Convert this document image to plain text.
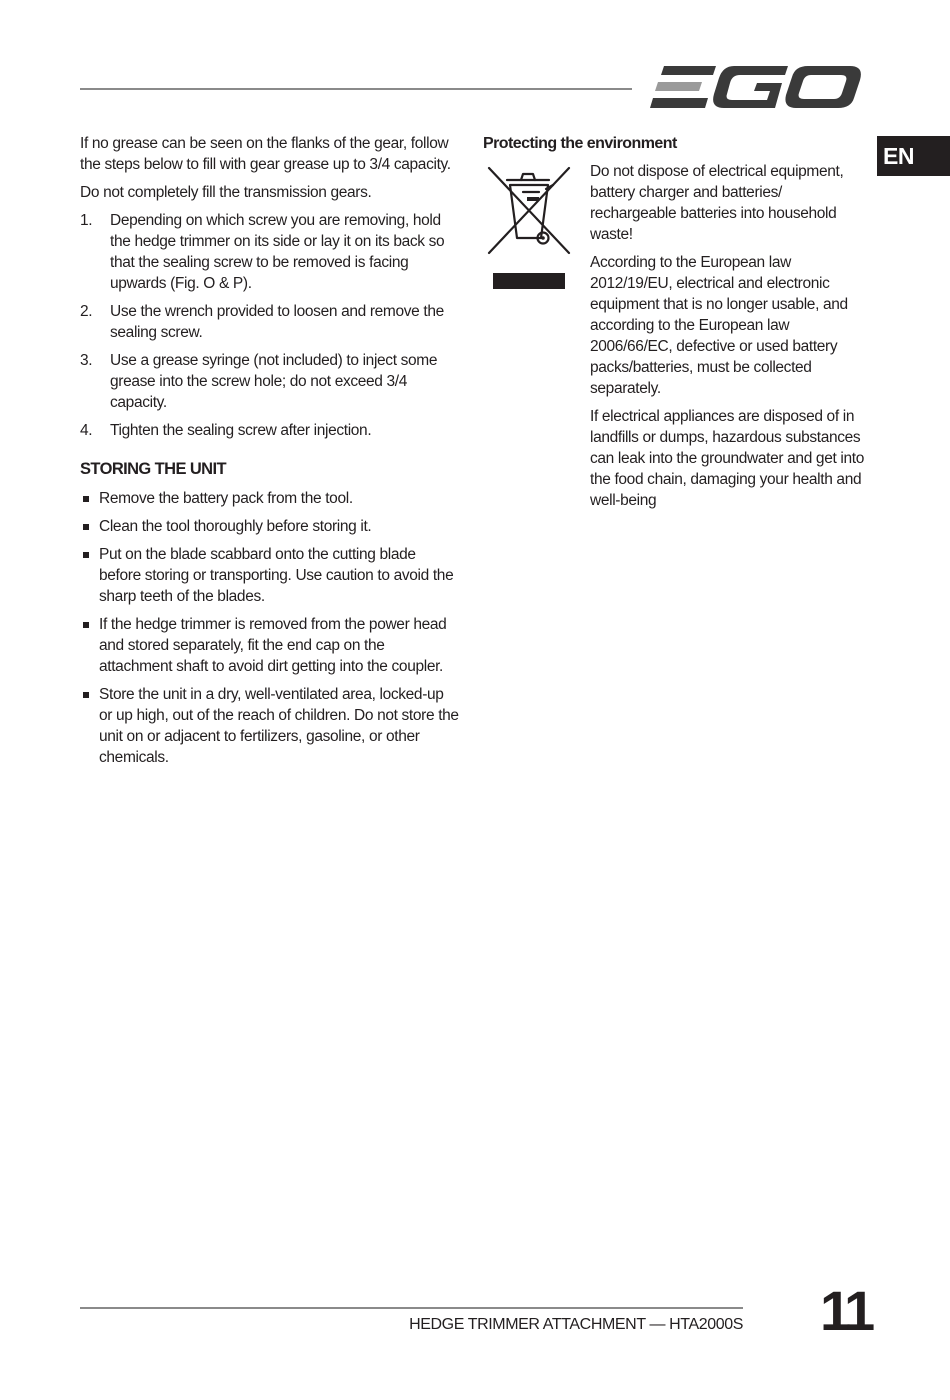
EN

If no grease can be seen on the flanks of the gear, follow the steps below to fill with gear grease up to 3/4 capacity.

Do not completely fill the transmission gears.

1. Depending on which screw you are removing, hold the hedge trimmer on its side or lay it on its back so that the sealing screw to be removed is facing upwards (Fig. O & P).
2. Use the wrench provided to loosen and remove the sealing screw.
3. Use a grease syringe (not included) to inject some grease into the screw hole; do not exceed 3/4 capacity.
4. Tighten the sealing screw after injection.
STORING THE UNIT
Remove the battery pack from the tool.
Clean the tool thoroughly before storing it.
Put on the blade scabbard onto the cutting blade before storing or transporting. Use caution to avoid the sharp teeth of the blades.
If the hedge trimmer is removed from the power head and stored separately, fit the end cap on the attachment shaft to avoid dirt getting into the coupler.
Store the unit in a dry, well-ventilated area, locked-up or up high, out of the reach of children. Do not store the unit on or adjacent to fertilizers, gasoline, or other chemicals.
Protecting the environment

Do not dispose of electrical equipment, battery charger and batteries/ rechargeable batteries into household waste!

According to the European law 2012/19/EU, electrical and electronic equipment that is no longer usable, and according to the European law 2006/66/EC, defective or used battery packs/batteries, must be collected separately.

If electrical appliances are disposed of in landfills or dumps, hazardous substances can leak into the groundwater and get into the food chain, damaging your health and well-being

HEDGE TRIMMER ATTACHMENT — HTA2000S 11
